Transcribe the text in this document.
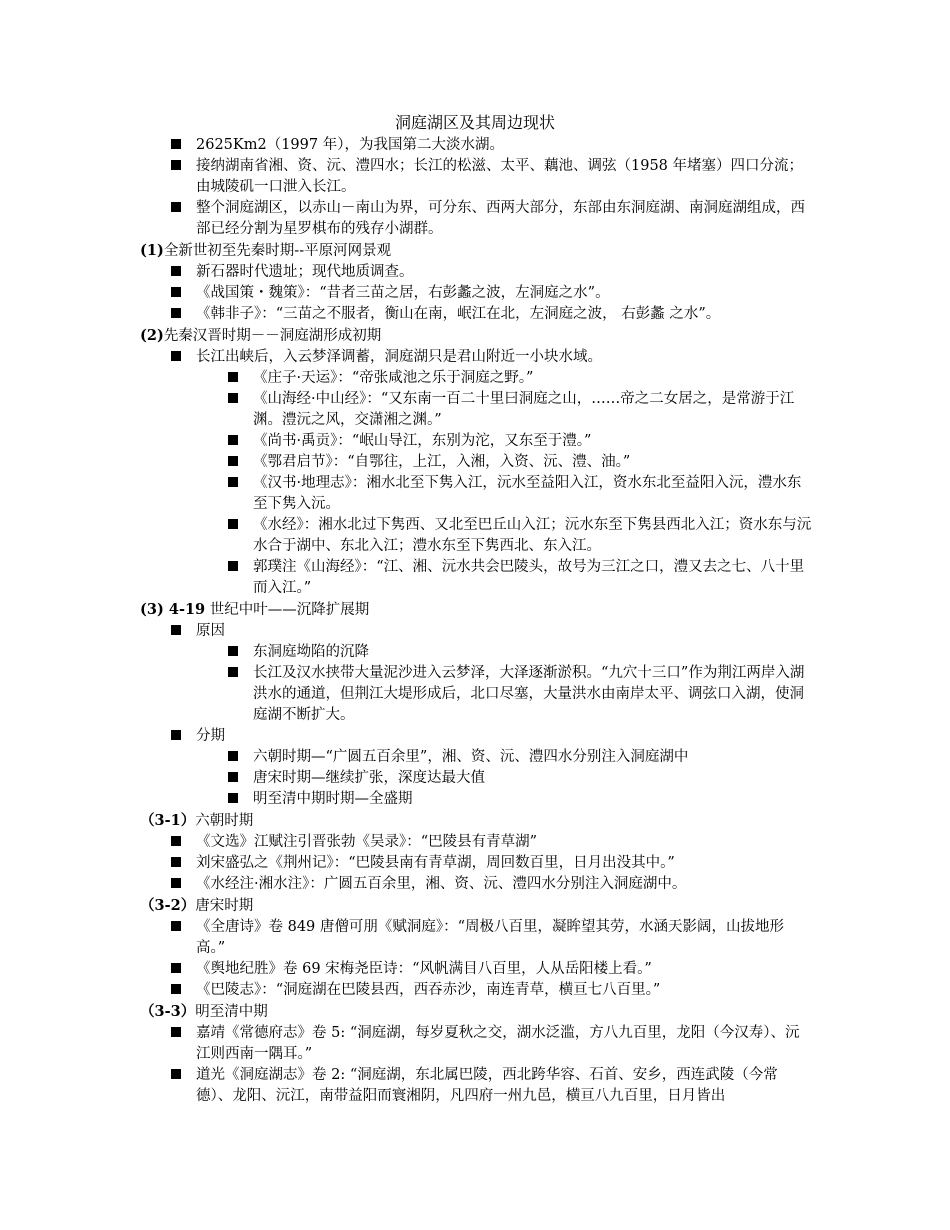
洞庭湖区及其周边现状
2625Km2（1997 年），为我国第二大淡水湖。
接纳湖南省湘、资、沅、澧四水；长江的松滋、太平、藕池、调弦（1958 年堵塞）四口分流；由城陵矶一口泄入长江。
整个洞庭湖区，以赤山－南山为界，可分东、西两大部分，东部由东洞庭湖、南洞庭湖组成，西部已经分割为星罗棋布的残存小湖群。
(1)全新世初至先秦时期--平原河网景观
新石器时代遗址；现代地质调查。
《战国策・魏策》：“昔者三苗之居，右彭蠡之波，左洞庭之水”。
《韩非子》：“三苗之不服者，衡山在南，岷江在北，左洞庭之波， 右彭蠡 之水”。
(2)先秦汉晋时期－－洞庭湖形成初期
长江出峡后，入云梦泽调蓄，洞庭湖只是君山附近一小块水域。
《庄子·天运》：“帝张咸池之乐于洞庭之野。”
《山海经·中山经》：“又东南一百二十里曰洞庭之山，……帝之二女居之，是常游于江渊。澧沅之风，交潇湘之渊。”
《尚书·禹贡》：“岷山导江，东别为沱，又东至于澧。”
《鄂君启节》：“自鄂往，上江，入湘，入资、沅、澧、油。”
《汉书·地理志》：湘水北至下隽入江，沅水至益阳入江，资水东北至益阳入沅，澧水东至下隽入沅。
《水经》：湘水北过下隽西、又北至巴丘山入江；沅水东至下隽县西北入江；资水东与沅水合于湖中、东北入江；澧水东至下隽西北、东入江。
郭璞注《山海经》：“江、湘、沅水共会巴陵头，故号为三江之口，澧又去之七、八十里而入江。”
(3) 4-19 世纪中叶——沉降扩展期
原因
东洞庭坳陷的沉降
长江及汉水挟带大量泥沙进入云梦泽，大泽逐渐淤积。“九穴十三口”作为荆江两岸入湖洪水的通道，但荆江大堤形成后，北口尽塞，大量洪水由南岸太平、调弦口入湖，使洞庭湖不断扩大。
分期
六朝时期—“广圆五百余里”，湘、资、沅、澧四水分别注入洞庭湖中
唐宋时期—继续扩张，深度达最大值
明至清中期时期—全盛期
（3-1）六朝时期
《文选》江赋注引晋张勃《吴录》：“巴陵县有青草湖”
刘宋盛弘之《荆州记》：“巴陵县南有青草湖，周回数百里，日月出没其中。”
《水经注·湘水注》：广圆五百余里，湘、资、沅、澧四水分别注入洞庭湖中。
（3-2）唐宋时期
《全唐诗》卷 849 唐僧可朋《赋洞庭》：“周极八百里，凝眸望其劳，水涵天影阔，山拔地形高。”
《舆地纪胜》卷 69 宋梅尧臣诗：“风帆满目八百里，人从岳阳楼上看。”
《巴陵志》：“洞庭湖在巴陵县西，西吞赤沙，南连青草，横亘七八百里。”
（3-3）明至清中期
嘉靖《常德府志》卷 5: “洞庭湖，每岁夏秋之交，湖水泛滥，方八九百里，龙阳（今汉寿）、沅江则西南一隅耳。”
道光《洞庭湖志》卷 2: “洞庭湖，东北属巴陵，西北跨华容、石首、安乡，西连武陵（今常德）、龙阳、沅江，南带益阳而寰湘阴，凡四府一州九邑，横亘八九百里，日月皆出
